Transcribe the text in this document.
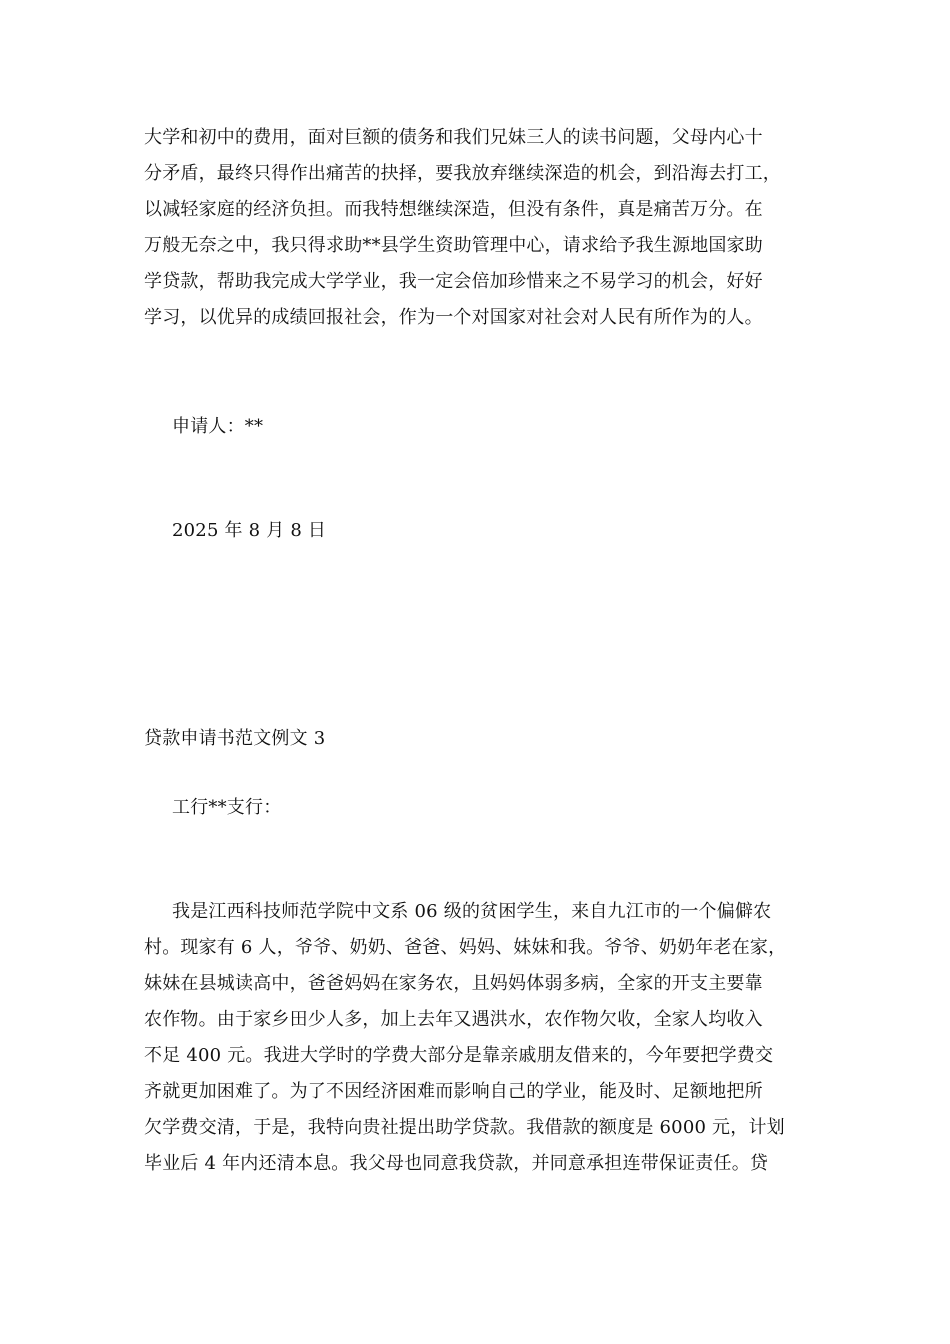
大学和初中的费用，面对巨额的债务和我们兄妹三人的读书问题，父母内心十
分矛盾，最终只得作出痛苦的抉择，要我放弃继续深造的机会，到沿海去打工，
以减轻家庭的经济负担。而我特想继续深造，但没有条件，真是痛苦万分。在
万般无奈之中，我只得求助**县学生资助管理中心，请求给予我生源地国家助
学贷款，帮助我完成大学学业，我一定会倍加珍惜来之不易学习的机会，好好
学习，以优异的成绩回报社会，作为一个对国家对社会对人民有所作为的人。
申请人：**
2025 年 8 月 8 日
贷款申请书范文例文 3
工行**支行：
我是江西科技师范学院中文系 06 级的贫困学生，来自九江市的一个偏僻农
村。现家有 6 人，爷爷、奶奶、爸爸、妈妈、妹妹和我。爷爷、奶奶年老在家，
妹妹在县城读高中，爸爸妈妈在家务农，且妈妈体弱多病，全家的开支主要靠
农作物。由于家乡田少人多，加上去年又遇洪水，农作物欠收，全家人均收入
不足 400 元。我进大学时的学费大部分是靠亲戚朋友借来的，今年要把学费交
齐就更加困难了。为了不因经济困难而影响自己的学业，能及时、足额地把所
欠学费交清，于是，我特向贵社提出助学贷款。我借款的额度是 6000 元，计划
毕业后 4 年内还清本息。我父母也同意我贷款，并同意承担连带保证责任。贷
